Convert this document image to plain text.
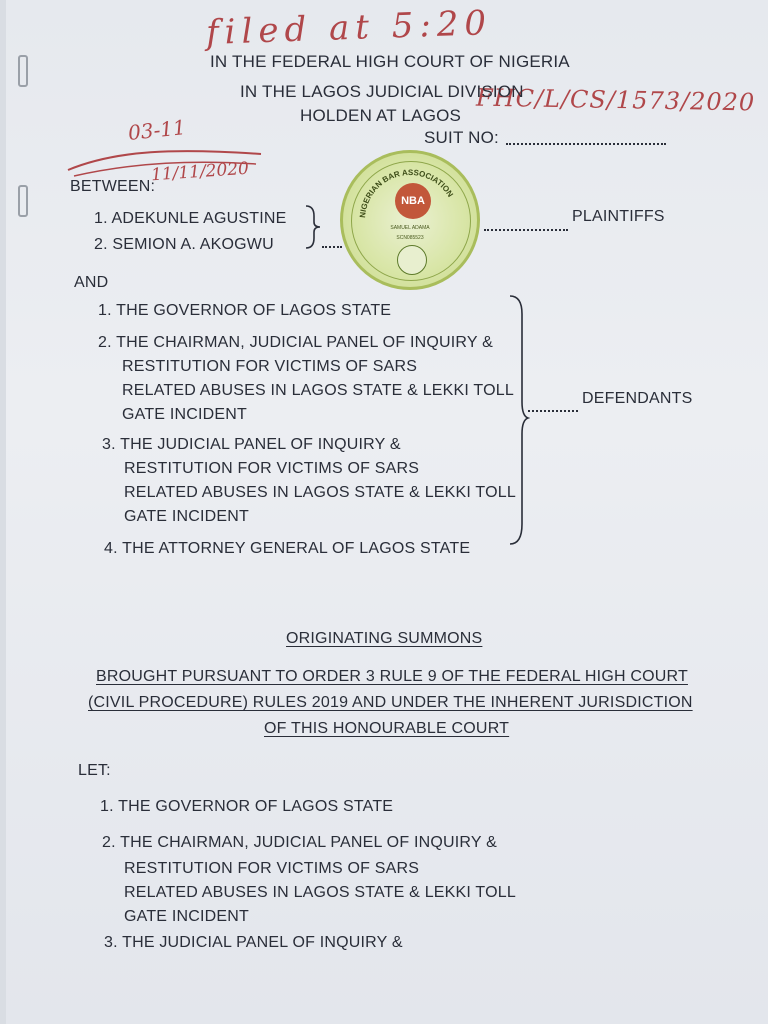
filed at 5:20

FHC/L/CS/1573/2020

03-11

11/11/2020

IN THE FEDERAL HIGH COURT OF NIGERIA

IN THE LAGOS JUDICIAL DIVISION

HOLDEN AT LAGOS

SUIT NO:

BETWEEN:

1. ADEKUNLE AGUSTINE

2. SEMION A. AKOGWU

PLAINTIFFS

NIGERIAN BAR ASSOCIATION
NBA
SAMUEL ADAMA
SCN085523

AND

1. THE GOVERNOR OF LAGOS STATE

2. THE CHAIRMAN, JUDICIAL PANEL OF INQUIRY &

RESTITUTION FOR VICTIMS OF SARS

RELATED ABUSES IN LAGOS STATE & LEKKI TOLL

GATE INCIDENT

3. THE JUDICIAL PANEL OF INQUIRY &

RESTITUTION FOR VICTIMS OF SARS

RELATED ABUSES IN LAGOS STATE & LEKKI TOLL

GATE INCIDENT

4. THE ATTORNEY GENERAL OF LAGOS STATE

DEFENDANTS

ORIGINATING SUMMONS

BROUGHT PURSUANT TO ORDER 3 RULE 9 OF THE FEDERAL HIGH COURT

(CIVIL PROCEDURE) RULES 2019 AND UNDER THE INHERENT JURISDICTION

OF THIS HONOURABLE COURT

LET:

1. THE GOVERNOR OF LAGOS STATE

2. THE CHAIRMAN, JUDICIAL PANEL OF INQUIRY &

RESTITUTION FOR VICTIMS OF SARS

RELATED ABUSES IN LAGOS STATE & LEKKI TOLL

GATE INCIDENT

3. THE JUDICIAL PANEL OF INQUIRY &
